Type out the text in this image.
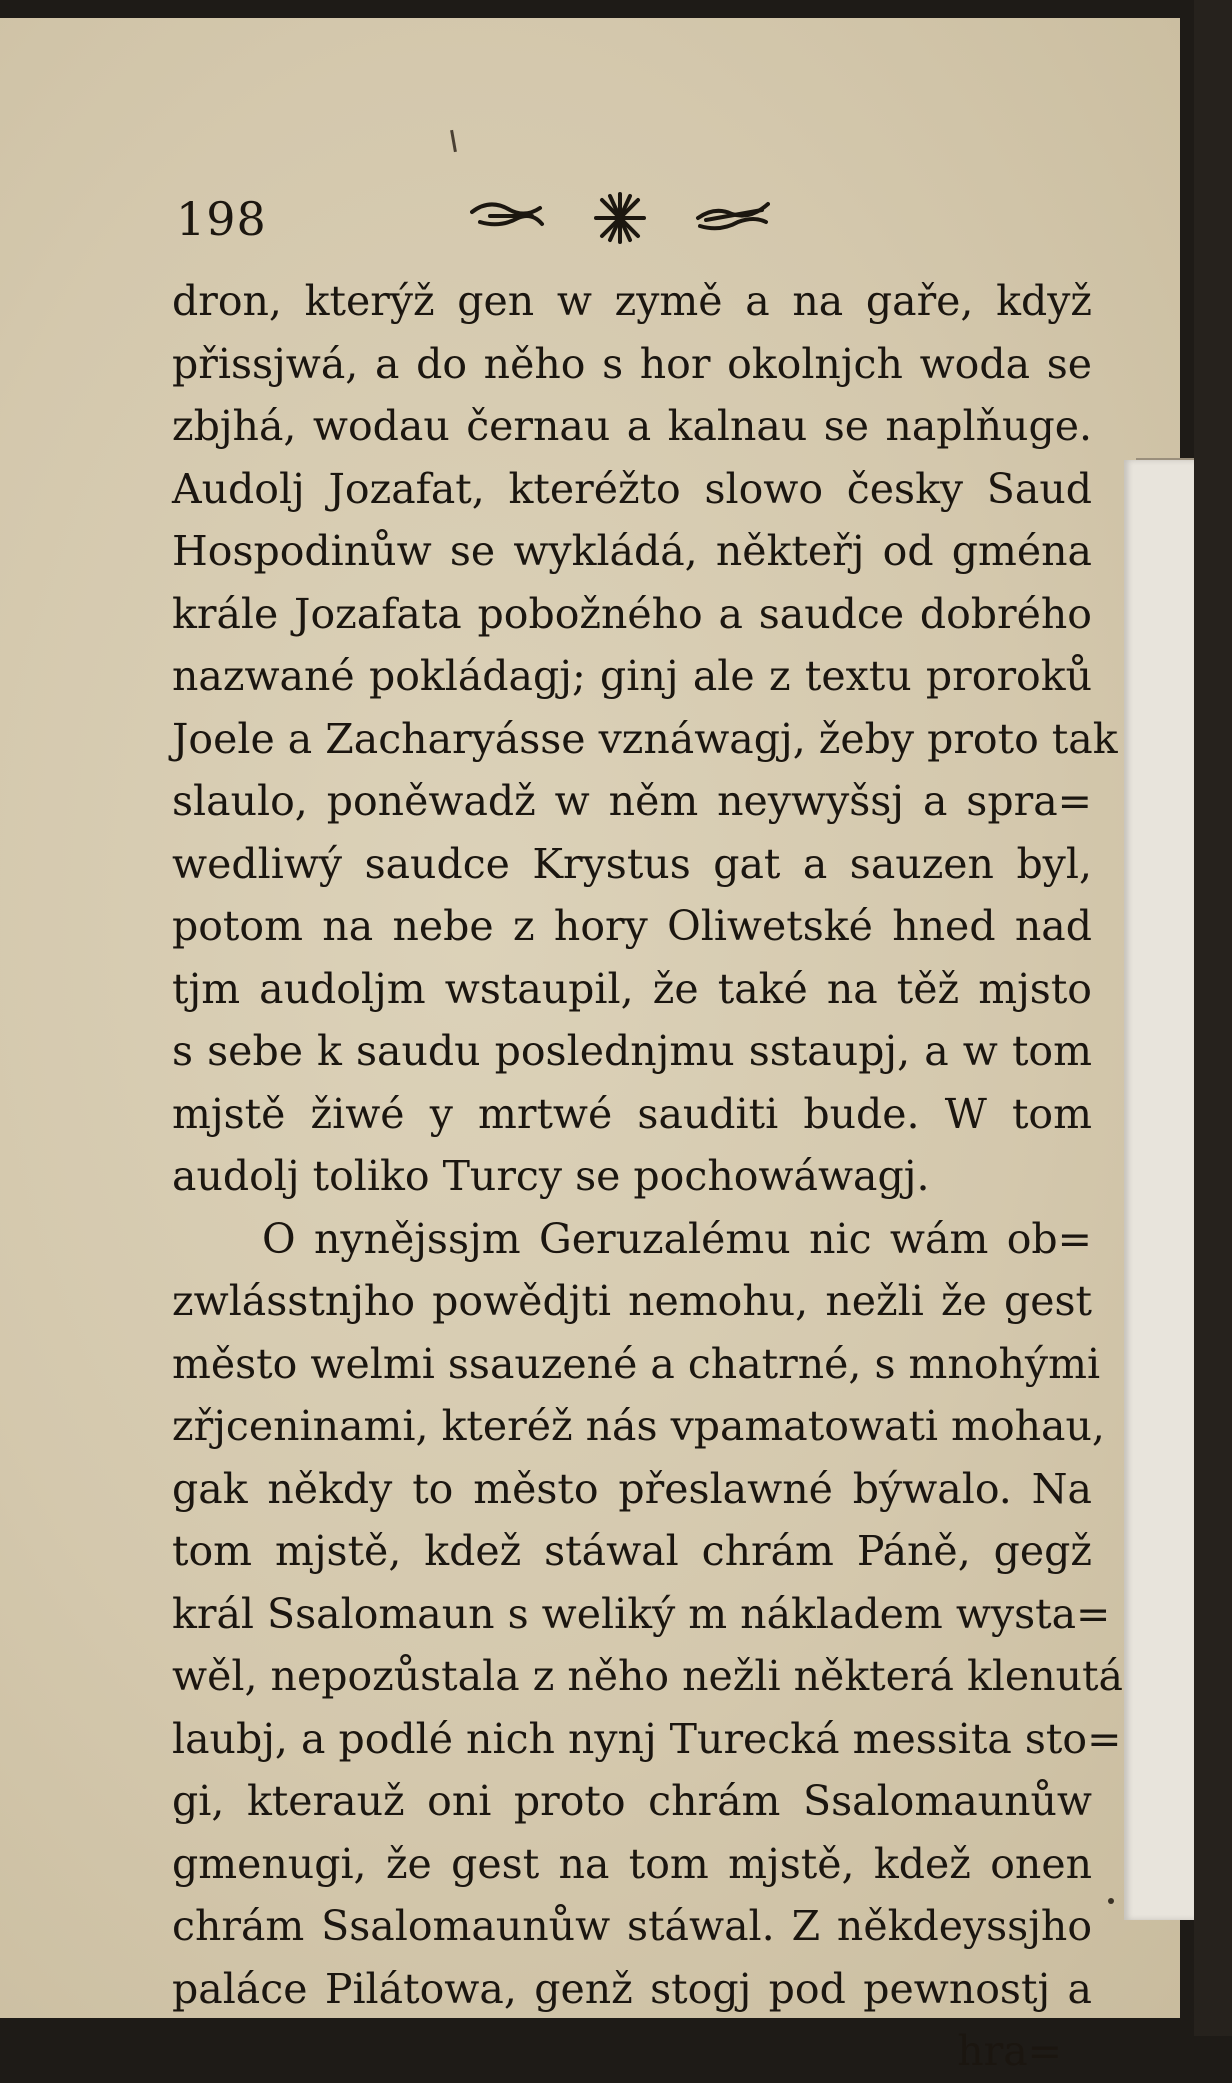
198
dron, kterýž gen w zymě a na gaře, když
přissjwá, a do něho s hor okolnjch woda se
zbjhá, wodau černau a kalnau se naplňuge.
Audolj Jozafat, kteréžto slowo česky Saud
Hospodinůw se wykládá, někteřj od gména
krále Jozafata pobožného a saudce dobrého
nazwané pokládagj; ginj ale z textu proroků
Joele a Zacharyásse vznáwagj, žeby proto tak
slaulo, poněwadž w něm neywyšsj a spra=
wedliwý saudce Krystus gat a sauzen byl,
potom na nebe z hory Oliwetské hned nad
tjm audoljm wstaupil, že také na těž mjsto
s sebe k saudu poslednjmu sstaupj, a w tom
mjstě žiwé y mrtwé sauditi bude. W tom
audolj toliko Turcy se pochowáwagj.
O nynějssjm Geruzalému nic wám ob=
zwlásstnjho powědjti nemohu, nežli že gest
město welmi ssauzené a chatrné, s mnohými
zřjceninami, kteréž nás vpamatowati mohau,
gak někdy to město přeslawné býwalo. Na
tom mjstě, kdež stáwal chrám Páně, gegž
král Ssalomaun s weliký m nákladem wysta=
wěl, nepozůstala z něho nežli některá klenutá
laubj, a podlé nich nynj Turecká messita sto=
gi, kterauž oni proto chrám Ssalomaunůw
gmenugi, že gest na tom mjstě, kdež onen
chrám Ssalomaunůw stáwal. Z někdeyssjho
paláce Pilátowa, genž stogj pod pewnostj a
hra=
